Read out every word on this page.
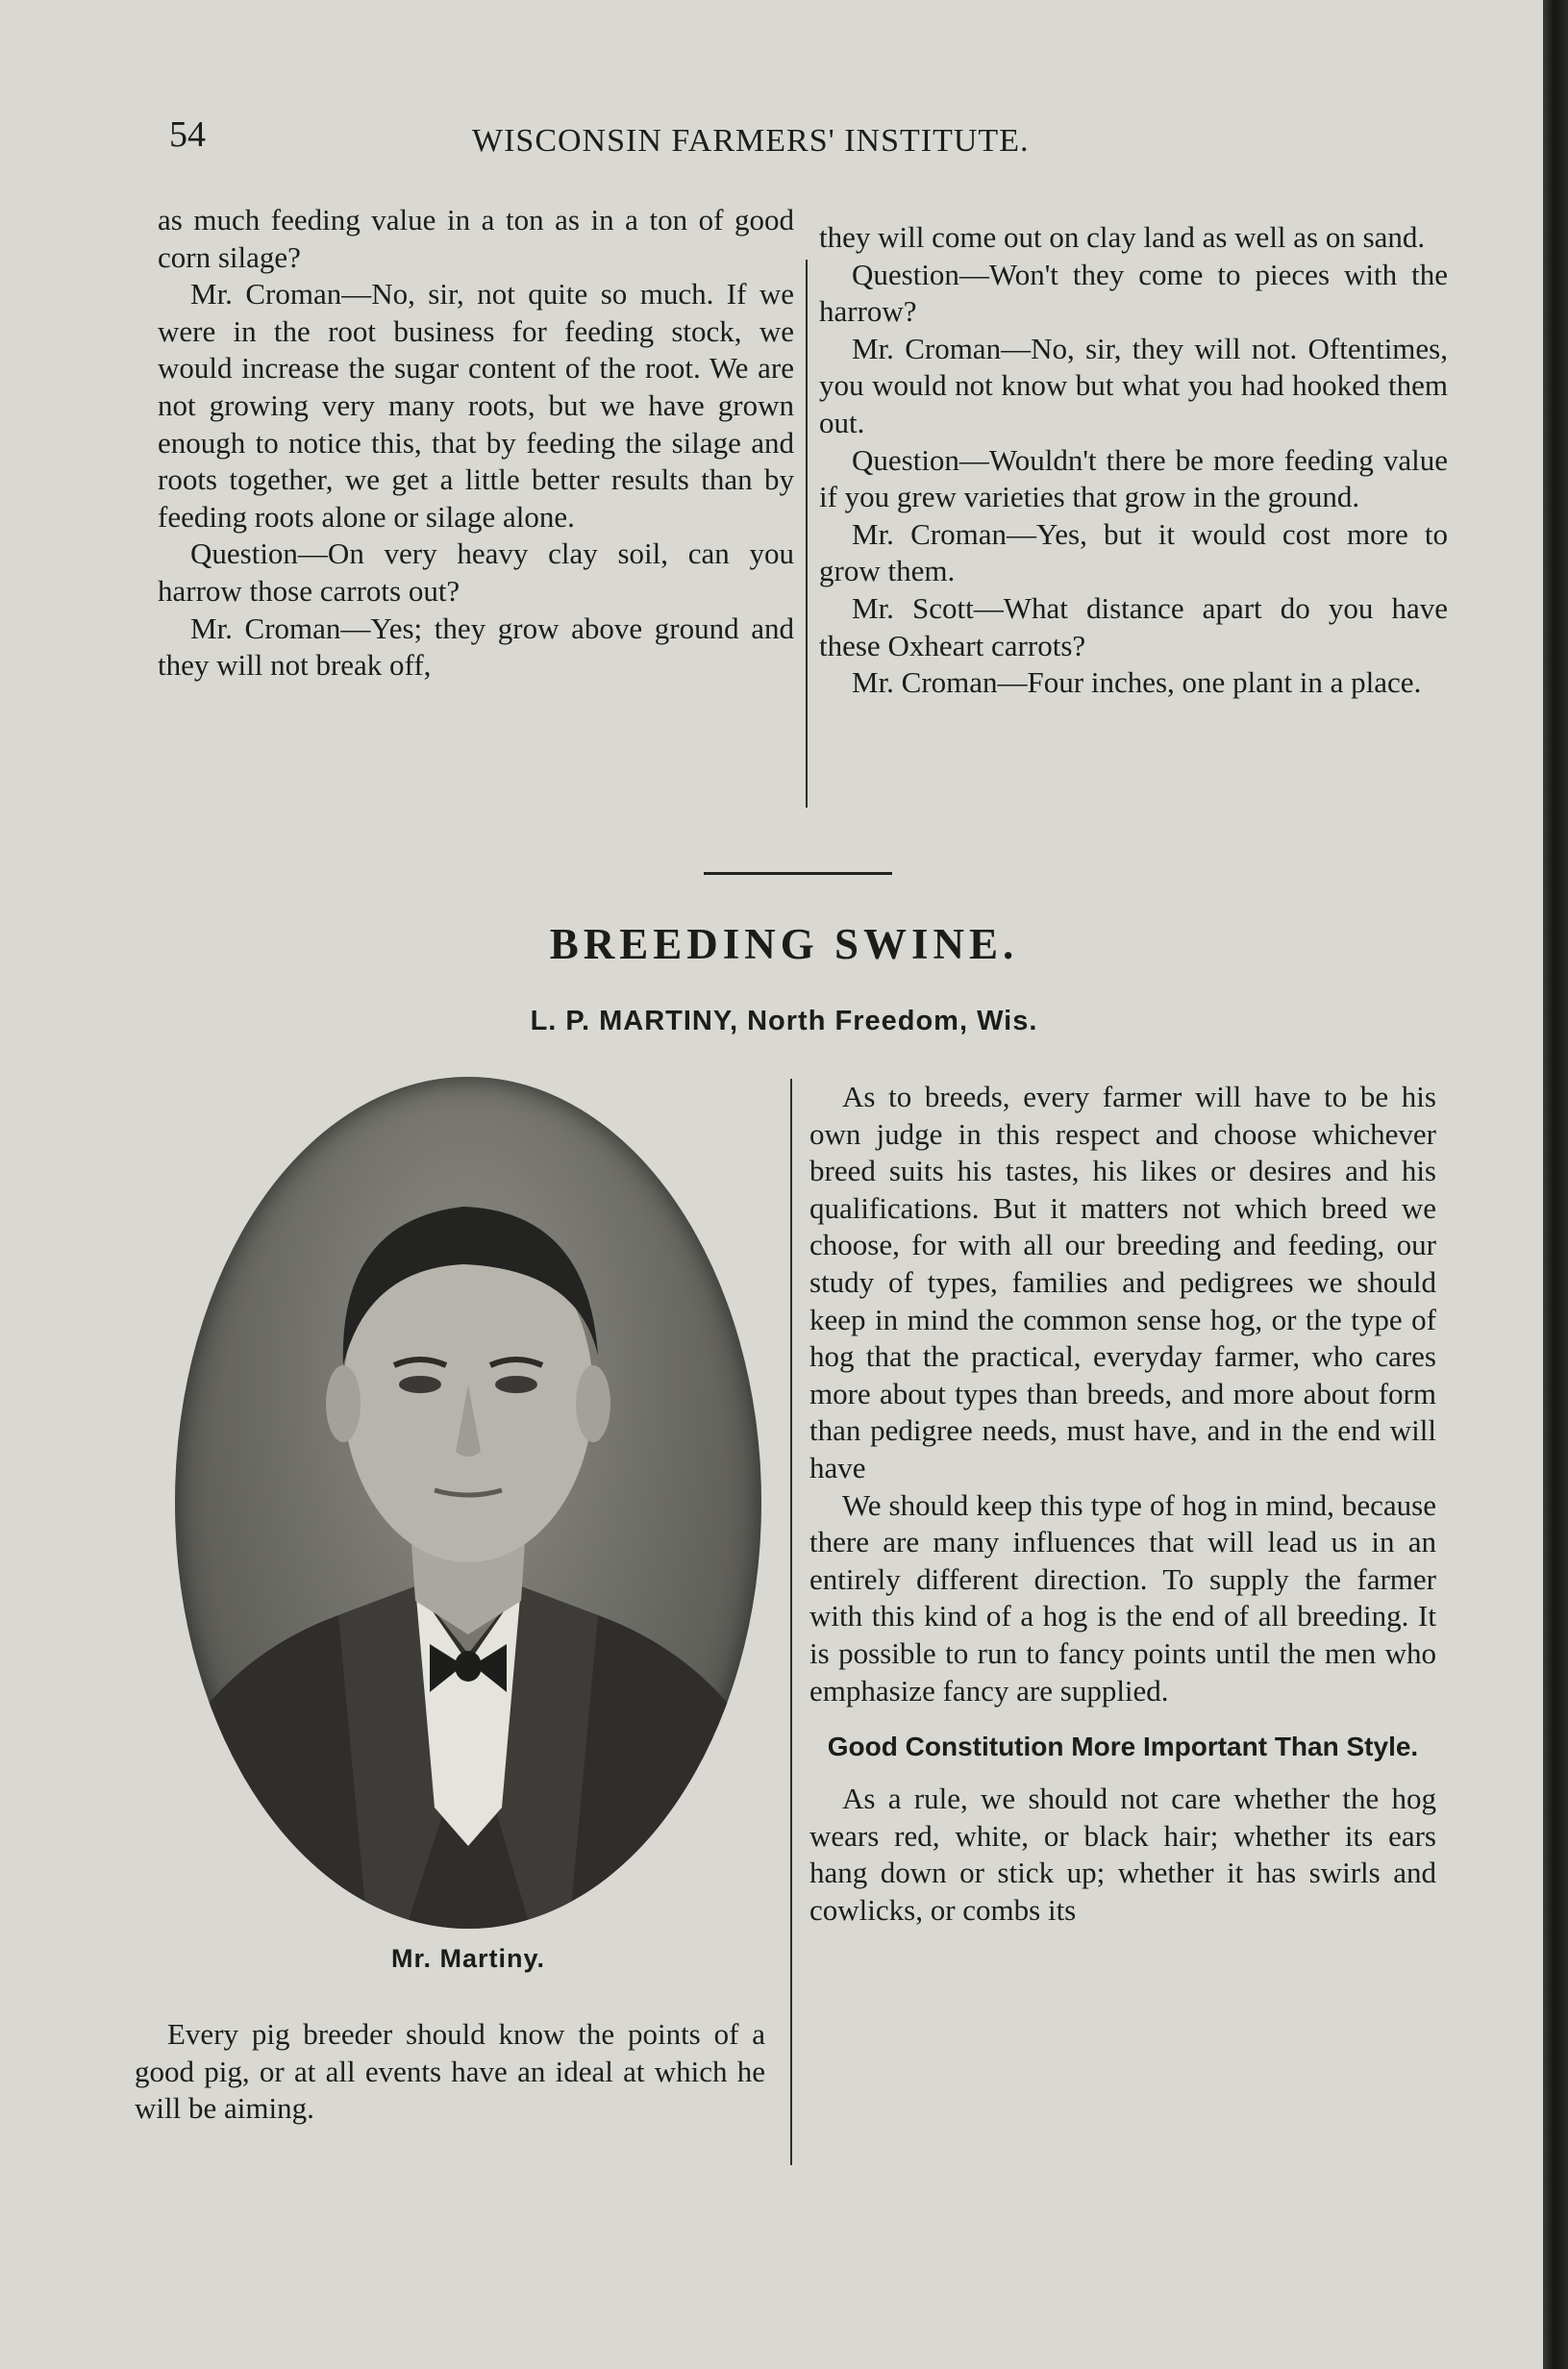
54	WISCONSIN FARMERS' INSTITUTE.

as much feeding value in a ton as in a ton of good corn silage?

Mr. Croman—No, sir, not quite so much. If we were in the root business for feeding stock, we would increase the sugar content of the root. We are not growing very many roots, but we have grown enough to notice this, that by feeding the silage and roots together, we get a little better results than by feeding roots alone or silage alone.

Question—On very heavy clay soil, can you harrow those carrots out?

Mr. Croman—Yes; they grow above ground and they will not break off,

they will come out on clay land as well as on sand.

Question—Won't they come to pieces with the harrow?

Mr. Croman—No, sir, they will not. Oftentimes, you would not know but what you had hooked them out.

Question—Wouldn't there be more feeding value if you grew varieties that grow in the ground.

Mr. Croman—Yes, but it would cost more to grow them.

Mr. Scott—What distance apart do you have these Oxheart carrots?

Mr. Croman—Four inches, one plant in a place.

BREEDING SWINE.
L. P. MARTINY, North Freedom, Wis.
Mr. Martiny.

Every pig breeder should know the points of a good pig, or at all events have an ideal at which he will be aiming.

As to breeds, every farmer will have to be his own judge in this respect and choose whichever breed suits his tastes, his likes or desires and his qualifications. But it matters not which breed we choose, for with all our breeding and feeding, our study of types, families and pedigrees we should keep in mind the common sense hog, or the type of hog that the practical, everyday farmer, who cares more about types than breeds, and more about form than pedigree needs, must have, and in the end will have

We should keep this type of hog in mind, because there are many influences that will lead us in an entirely different direction. To supply the farmer with this kind of a hog is the end of all breeding. It is possible to run to fancy points until the men who emphasize fancy are supplied.

Good Constitution More Important Than Style.

As a rule, we should not care whether the hog wears red, white, or black hair; whether its ears hang down or stick up; whether it has swirls and cowlicks, or combs its
